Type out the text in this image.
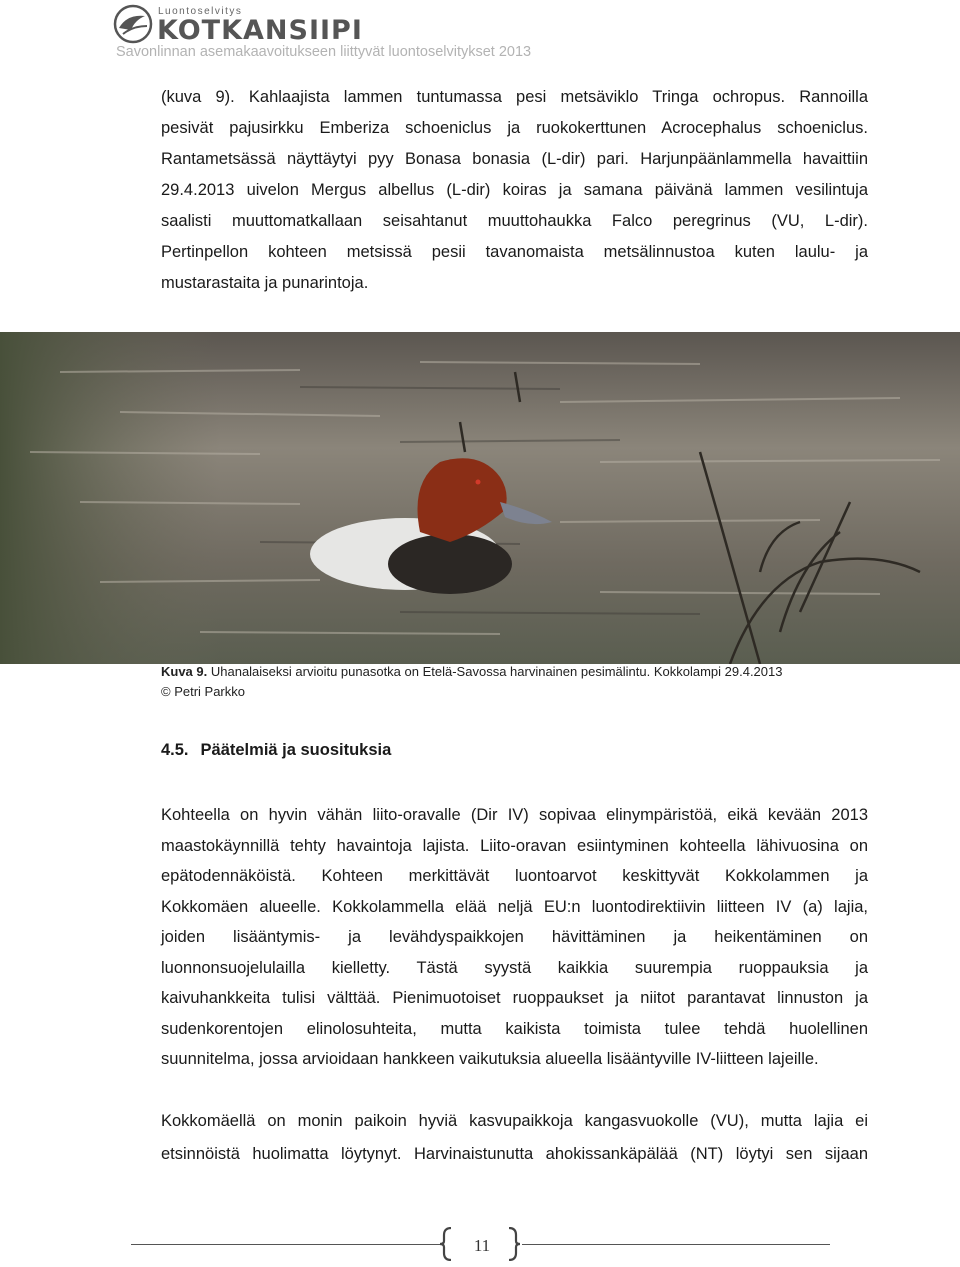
Luontoselvitys
KOTKANSIIPI
Savonlinnan asemakaavoitukseen liittyvät luontoselvitykset 2013

(kuva 9). Kahlaajista lammen tuntumassa pesi metsäviklo Tringa ochropus. Rannoilla
pesivät pajusirkku Emberiza schoeniclus ja ruokokerttunen Acrocephalus schoeniclus.
Rantametsässä näyttäytyi pyy Bonasa bonasia (L-dir) pari. Harjunpäänlammella havaittiin
29.4.2013 uivelon Mergus albellus (L-dir) koiras ja samana päivänä lammen vesilintuja
saalisti muuttomatkallaan seisahtanut muuttohaukka Falco peregrinus (VU, L-dir).
Pertinpellon kohteen metsissä pesii tavanomaista metsälinnustoa kuten laulu- ja
mustarastaita ja punarintoja.

Kuva 9. Uhanalaiseksi arvioitu punasotka on Etelä-Savossa harvinainen pesimälintu. Kokkolampi 29.4.2013
© Petri Parkko
4.5. Päätelmiä ja suosituksia

Kohteella on hyvin vähän liito-oravalle (Dir IV) sopivaa elinympäristöä, eikä kevään 2013
maastokäynnillä tehty havaintoja lajista. Liito-oravan esiintyminen kohteella lähivuosina on
epätodennäköistä. Kohteen merkittävät luontoarvot keskittyvät Kokkolammen ja
Kokkomäen alueelle. Kokkolammella elää neljä EU:n luontodirektiivin liitteen IV (a) lajia,
joiden lisääntymis- ja levähdyspaikkojen hävittäminen ja heikentäminen on
luonnonsuojelulailla kielletty. Tästä syystä kaikkia suurempia ruoppauksia ja
kaivuhankkeita tulisi välttää. Pienimuotoiset ruoppaukset ja niitot parantavat linnuston ja
sudenkorentojen elinolosuhteita, mutta kaikista toimista tulee tehdä huolellinen
suunnitelma, jossa arvioidaan hankkeen vaikutuksia alueella lisääntyville IV-liitteen lajeille.

Kokkomäellä on monin paikoin hyviä kasvupaikkoja kangasvuokolle (VU), mutta lajia ei
etsinnöistä huolimatta löytynyt. Harvinaistunutta ahokissankäpälää (NT) löytyi sen sijaan

11
